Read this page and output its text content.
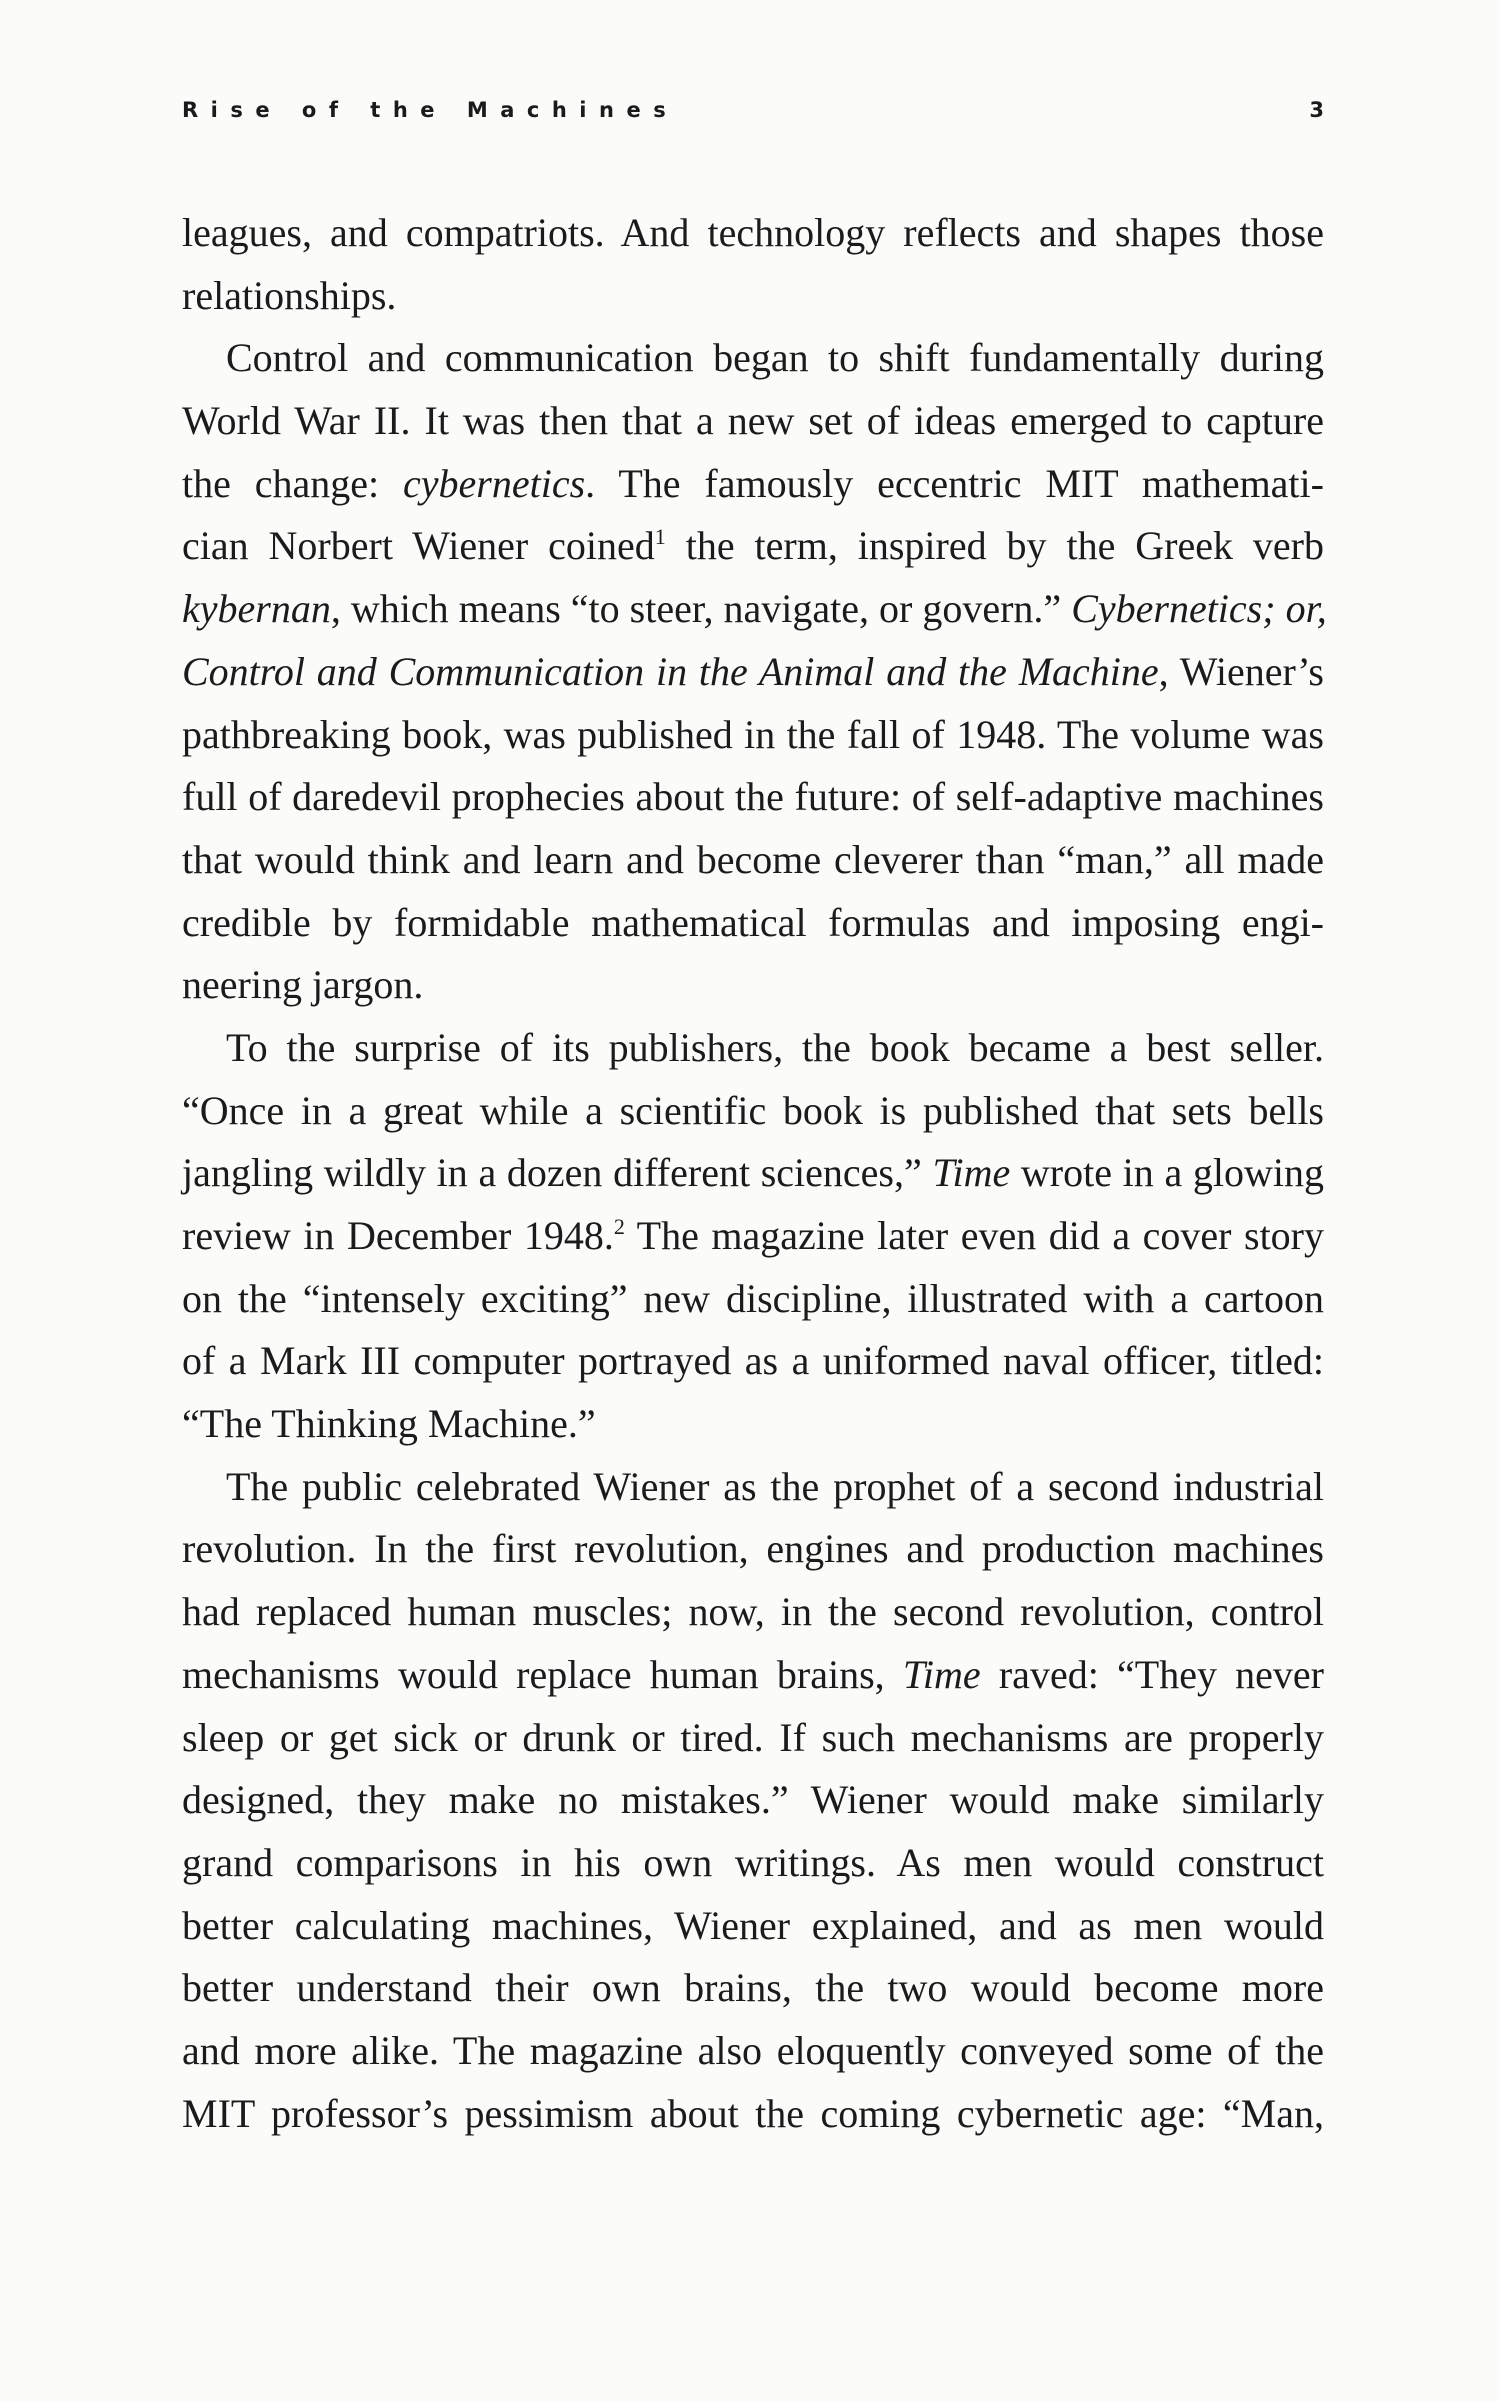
Rise of the Machines	3
leagues, and compatriots. And technology reflects and shapes those
relationships.
Control and communication began to shift fundamentally during
World War II. It was then that a new set of ideas emerged to capture
the change: cybernetics. The famously eccentric MIT mathemati-
cian Norbert Wiener coined$^1$ the term, inspired by the Greek verb
kybernan, which means “to steer, navigate, or govern.” Cybernetics; or,
Control and Communication in the Animal and the Machine, Wiener’s
pathbreaking book, was published in the fall of 1948. The volume was
full of daredevil prophecies about the future: of self-adaptive machines
that would think and learn and become cleverer than “man,” all made
credible by formidable mathematical formulas and imposing engi-
neering jargon.
To the surprise of its publishers, the book became a best seller.
“Once in a great while a scientific book is published that sets bells
jangling wildly in a dozen different sciences,” Time wrote in a glowing
review in December 1948.$^2$ The magazine later even did a cover story
on the “intensely exciting” new discipline, illustrated with a cartoon
of a Mark III computer portrayed as a uniformed naval officer, titled:
“The Thinking Machine.”
The public celebrated Wiener as the prophet of a second industrial
revolution. In the first revolution, engines and production machines
had replaced human muscles; now, in the second revolution, control
mechanisms would replace human brains, Time raved: “They never
sleep or get sick or drunk or tired. If such mechanisms are properly
designed, they make no mistakes.” Wiener would make similarly
grand comparisons in his own writings. As men would construct
better calculating machines, Wiener explained, and as men would
better understand their own brains, the two would become more
and more alike. The magazine also eloquently conveyed some of the
MIT professor’s pessimism about the coming cybernetic age: “Man,
